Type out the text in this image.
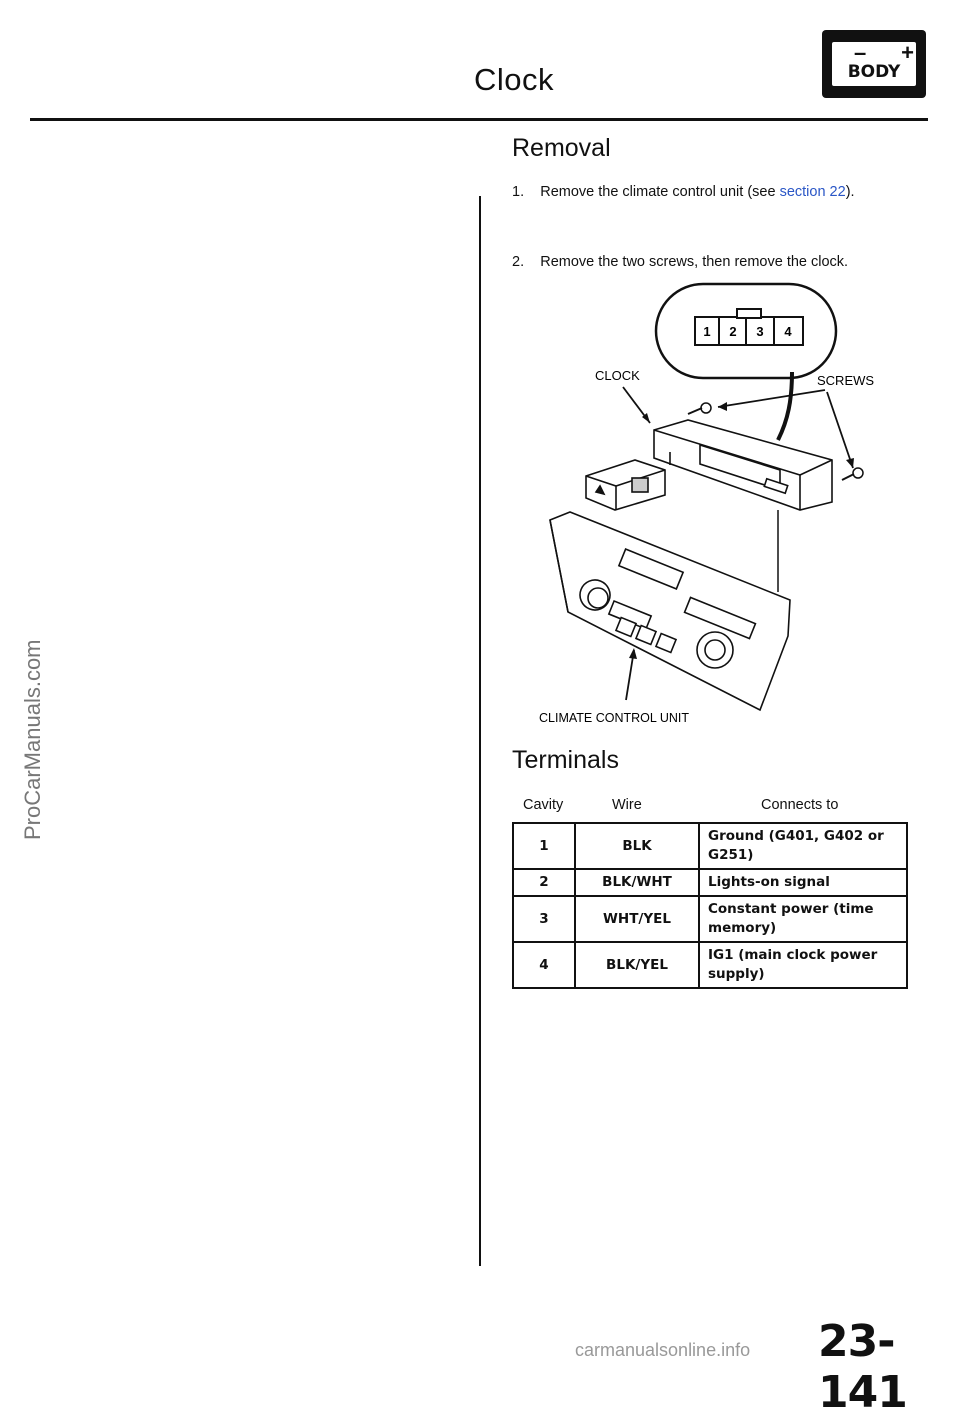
Clock
– +
BODY
ProCarManuals.com
Removal
1. Remove the climate control unit (see section 22).
2. Remove the two screws, then remove the clock.
1 2 3 4
CLOCK	SCREWS
CLIMATE CONTROL UNIT
Terminals
Cavity	Wire	Connects to
1	BLK	Ground (G401, G402 or G251)
2	BLK/WHT	Lights-on signal
3	WHT/YEL	Constant power (time memory)
4	BLK/YEL	IG1 (main clock power supply)
23-141
carmanualsonline.info
